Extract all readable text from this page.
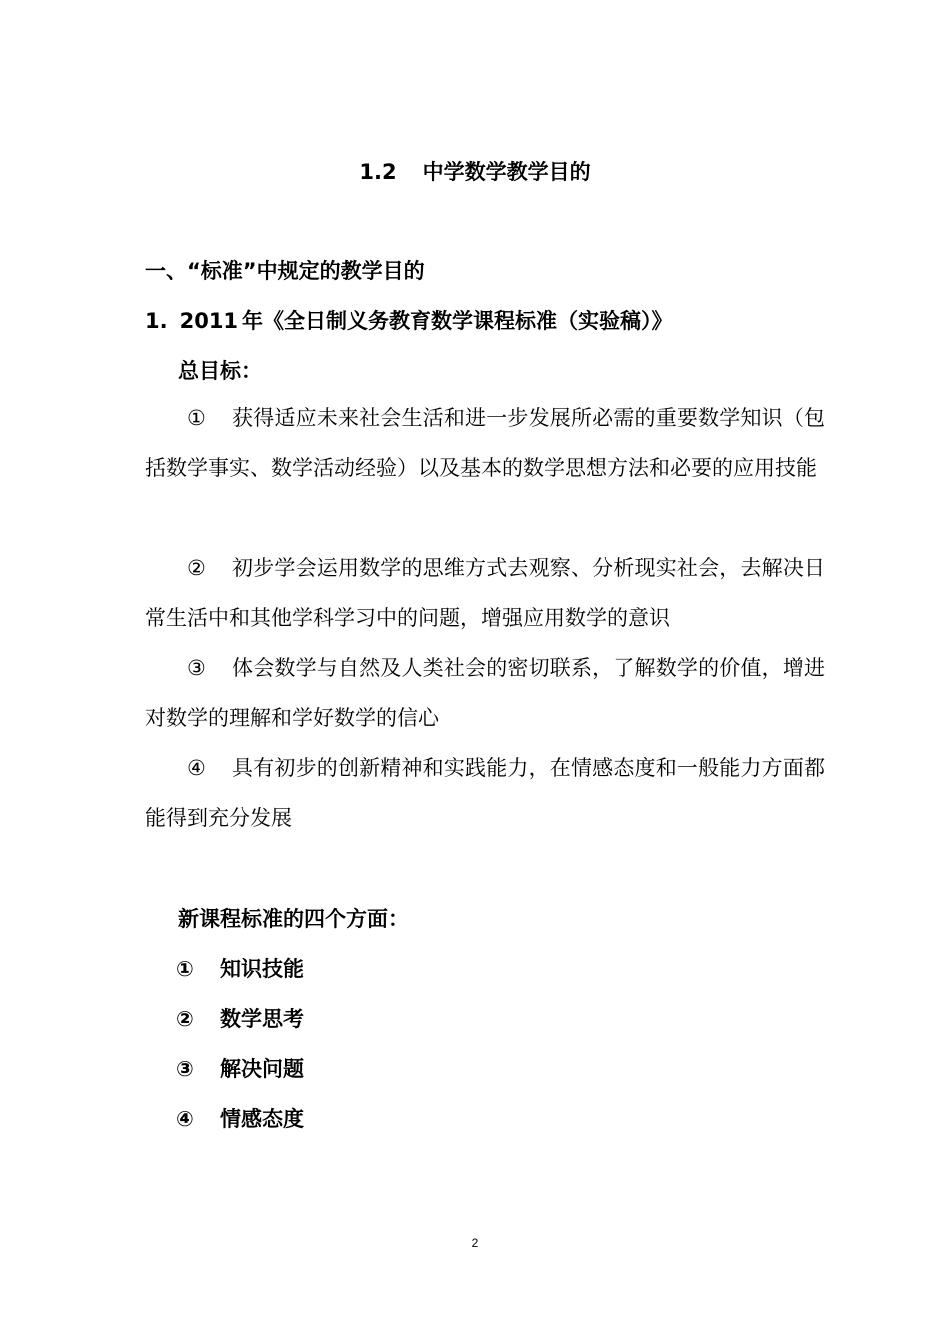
1.2 中学数学教学目的
一、“标准”中规定的教学目的
1. 2011 年《全日制义务教育数学课程标准（实验稿）》
总目标：
① 获得适应未来社会生活和进一步发展所必需的重要数学知识（包括数学事实、数学活动经验）以及基本的数学思想方法和必要的应用技能
② 初步学会运用数学的思维方式去观察、分析现实社会，去解决日常生活中和其他学科学习中的问题，增强应用数学的意识
③ 体会数学与自然及人类社会的密切联系，了解数学的价值，增进对数学的理解和学好数学的信心
④ 具有初步的创新精神和实践能力，在情感态度和一般能力方面都能得到充分发展
新课程标准的四个方面：
① 知识技能
② 数学思考
③ 解决问题
④ 情感态度
2
